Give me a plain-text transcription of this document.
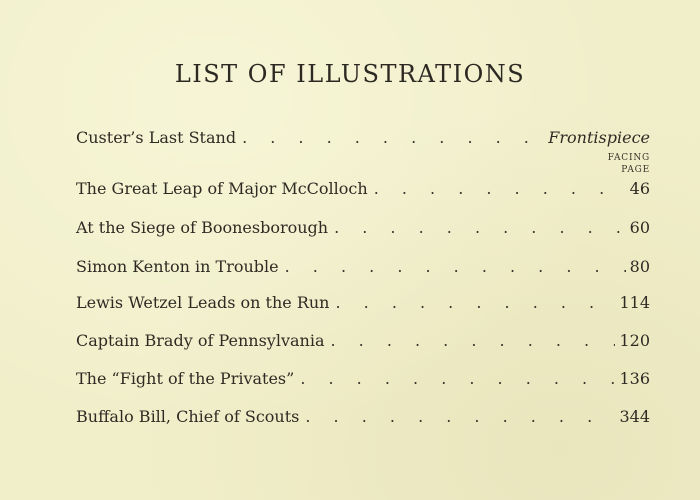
LIST OF ILLUSTRATIONS
Custer’s Last Stand . . .	Frontispiece
FACING
PAGE
The Great Leap of Major McColloch . . .	46
At the Siege of Boonesborough . . .	60
Simon Kenton in Trouble . . .	80
Lewis Wetzel Leads on the Run . . .	114
Captain Brady of Pennsylvania . . .	120
The “Fight of the Privates” . . .	136
Buffalo Bill, Chief of Scouts . . .	344
